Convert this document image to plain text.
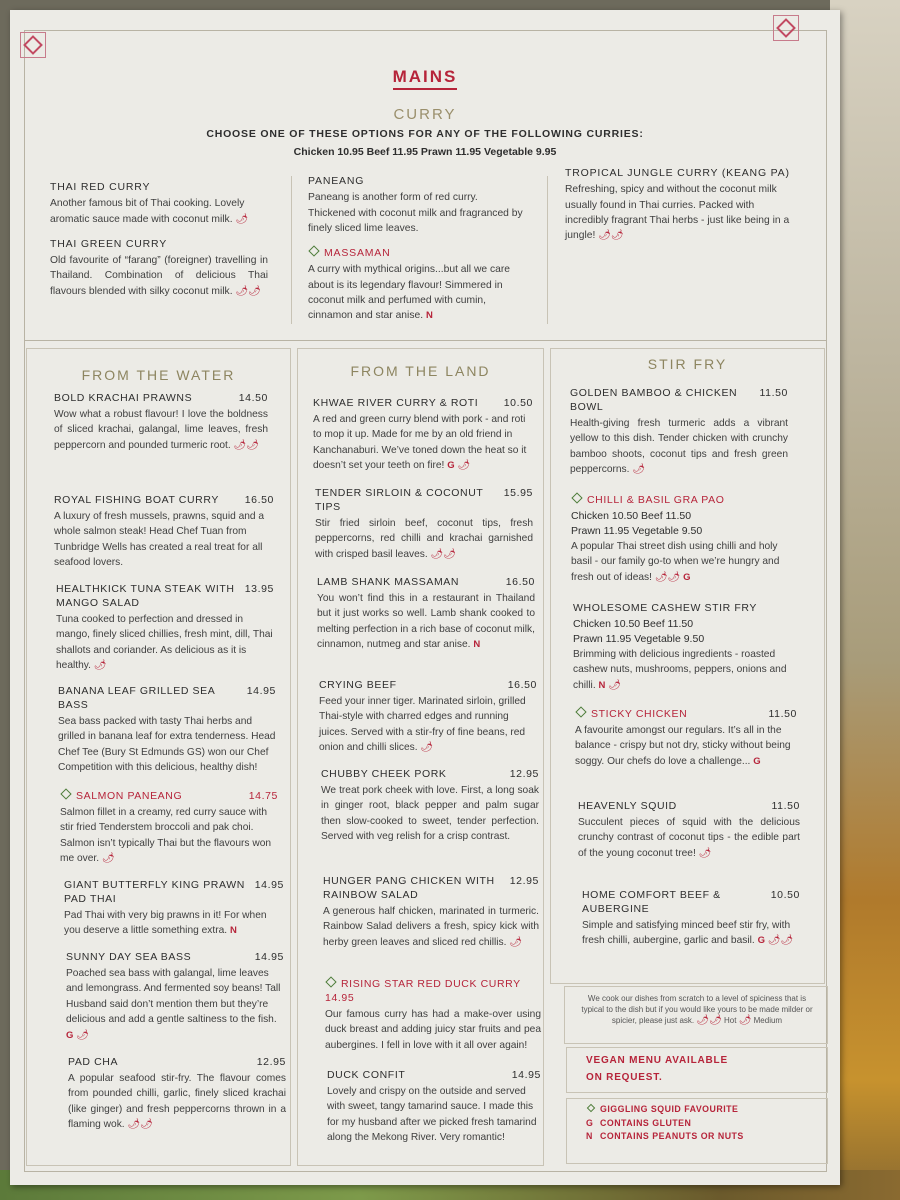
MAINS
CURRY
CHOOSE ONE OF THESE OPTIONS FOR ANY OF THE FOLLOWING CURRIES:
Chicken 10.95 Beef 11.95 Prawn 11.95 Vegetable 9.95
THAI RED CURRY
Another famous bit of Thai cooking. Lovely aromatic sauce made with coconut milk. 🌶︎
THAI GREEN CURRY
Old favourite of “farang” (foreigner) travelling in Thailand. Combination of delicious Thai flavours blended with silky coconut milk. 🌶︎🌶︎
PANEANG
Paneang is another form of red curry. Thickened with coconut milk and fragranced by finely sliced lime leaves.
MASSAMAN
A curry with mythical origins...but all we care about is its legendary flavour! Simmered in coconut milk and perfumed with cumin, cinnamon and star anise. N
TROPICAL JUNGLE CURRY (KEANG PA)
Refreshing, spicy and without the coconut milk usually found in Thai curries. Packed with incredibly fragrant Thai herbs - just like being in a jungle! 🌶︎🌶︎
FROM THE WATER	FROM THE LAND	STIR FRY
BOLD KRACHAI PRAWNS	14.50
Wow what a robust flavour! I love the boldness of sliced krachai, galangal, lime leaves, fresh peppercorn and pounded turmeric root. 🌶︎🌶︎
ROYAL FISHING BOAT CURRY	16.50
A luxury of fresh mussels, prawns, squid and a whole salmon steak! Head Chef Tuan from Tunbridge Wells has created a real treat for all seafood lovers.
HEALTHKICK TUNA STEAK WITH MANGO SALAD
13.95
Tuna cooked to perfection and dressed in mango, finely sliced chillies, fresh mint, dill, Thai shallots and coriander. As delicious as it is healthy. 🌶︎
BANANA LEAF GRILLED SEA BASS
14.95
Sea bass packed with tasty Thai herbs and grilled in banana leaf for extra tenderness. Head Chef Tee (Bury St Edmunds GS) won our Chef Competition with this delicious, healthy dish!
SALMON PANEANG	14.75
Salmon fillet in a creamy, red curry sauce with stir fried Tenderstem broccoli and pak choi. Salmon isn’t typically Thai but the flavours won me over. 🌶︎
GIANT BUTTERFLY KING PRAWN PAD THAI
14.95
Pad Thai with very big prawns in it! For when you deserve a little something extra. N
SUNNY DAY SEA BASS	14.95
Poached sea bass with galangal, lime leaves and lemongrass. And fermented soy beans! Tall Husband said don’t mention them but they’re delicious and add a gentle saltiness to the fish. G 🌶︎
PAD CHA	12.95
A popular seafood stir-fry. The flavour comes from pounded chilli, garlic, finely sliced krachai (like ginger) and fresh peppercorns thrown in a flaming wok. 🌶︎🌶︎
KHWAE RIVER CURRY & ROTI	10.50
A red and green curry blend with pork - and roti to mop it up. Made for me by an old friend in Kanchanaburi. We’ve toned down the heat so it doesn’t set your teeth on fire! G 🌶︎
TENDER SIRLOIN & COCONUT TIPS
15.95
Stir fried sirloin beef, coconut tips, fresh peppercorns, red chilli and krachai garnished with crisped basil leaves. 🌶︎🌶︎
LAMB SHANK MASSAMAN	16.50
You won’t find this in a restaurant in Thailand but it just works so well. Lamb shank cooked to melting perfection in a rich base of coconut milk, cinnamon, nutmeg and star anise. N
CRYING BEEF	16.50
Feed your inner tiger. Marinated sirloin, grilled Thai-style with charred edges and running juices. Served with a stir-fry of fine beans, red onion and chilli slices. 🌶︎
CHUBBY CHEEK PORK	12.95
We treat pork cheek with love. First, a long soak in ginger root, black pepper and palm sugar then slow-cooked to sweet, tender perfection. Served with veg relish for a crisp contrast.
HUNGER PANG CHICKEN WITH RAINBOW SALAD
12.95
A generous half chicken, marinated in turmeric. Rainbow Salad delivers a fresh, spicy kick with herby green leaves and sliced red chillis. 🌶︎
RISING STAR RED DUCK CURRY 14.95
Our famous curry has had a make-over using duck breast and adding juicy star fruits and pea aubergines. I fell in love with it all over again!
DUCK CONFIT	14.95
Lovely and crispy on the outside and served with sweet, tangy tamarind sauce. I made this for my husband after we picked fresh tamarind along the Mekong River. Very romantic!
GOLDEN BAMBOO & CHICKEN BOWL
11.50
Health-giving fresh turmeric adds a vibrant yellow to this dish. Tender chicken with crunchy bamboo shoots, coconut tips and fresh green peppercorns. 🌶︎
CHILLI & BASIL GRA PAO
Chicken 10.50 Beef 11.50
Prawn 11.95 Vegetable 9.50
A popular Thai street dish using chilli and holy basil - our family go-to when we’re hungry and fresh out of ideas! 🌶︎🌶︎ G
WHOLESOME CASHEW STIR FRY
Chicken 10.50 Beef 11.50
Prawn 11.95 Vegetable 9.50
Brimming with delicious ingredients - roasted cashew nuts, mushrooms, peppers, onions and chilli. N 🌶︎
STICKY CHICKEN	11.50
A favourite amongst our regulars. It’s all in the balance - crispy but not dry, sticky without being soggy. Our chefs do love a challenge... G
HEAVENLY SQUID	11.50
Succulent pieces of squid with the delicious crunchy contrast of coconut tips - the edible part of the young coconut tree! 🌶︎
HOME COMFORT BEEF & AUBERGINE
10.50
Simple and satisfying minced beef stir fry, with fresh chilli, aubergine, garlic and basil. G 🌶︎🌶︎
We cook our dishes from scratch to a level of spiciness that is typical to the dish but if you would like yours to be made milder or spicier, please just ask. 🌶︎🌶︎ Hot 🌶︎ Medium
VEGAN MENU AVAILABLE
ON REQUEST.
GIGGLING SQUID FAVOURITE
G CONTAINS GLUTEN
N CONTAINS PEANUTS OR NUTS
